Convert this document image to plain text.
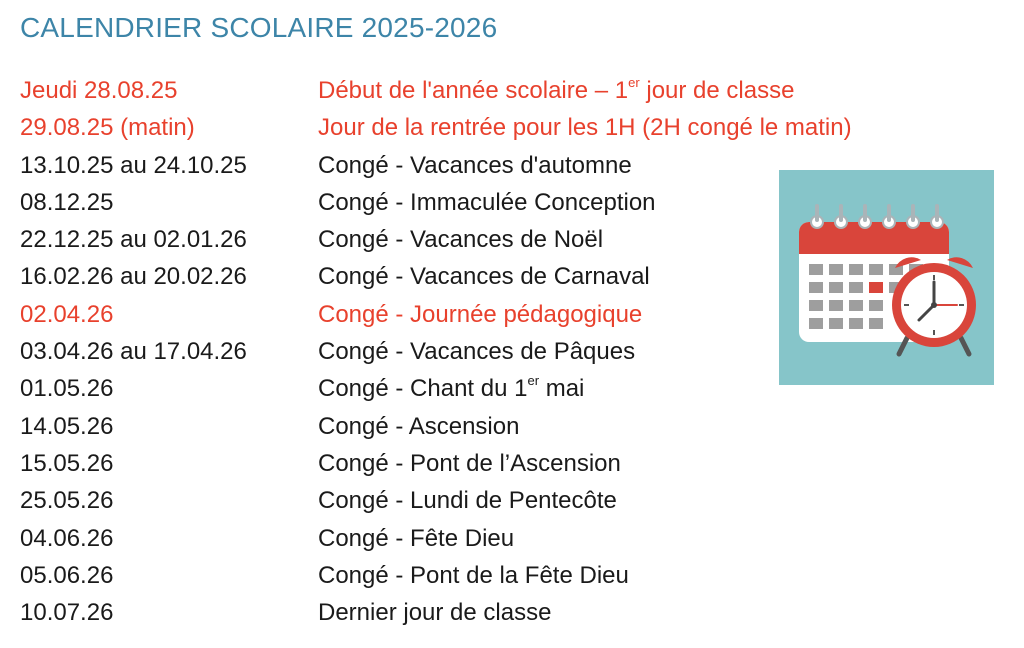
CALENDRIER SCOLAIRE 2025-2026
Jeudi 28.08.25	Début de l'année scolaire – 1er jour de classe
29.08.25 (matin)	Jour de la rentrée pour les 1H (2H congé le matin)
13.10.25 au 24.10.25	Congé - Vacances d'automne
08.12.25	Congé - Immaculée Conception
22.12.25 au 02.01.26	Congé - Vacances de Noël
16.02.26 au 20.02.26	Congé - Vacances de Carnaval
02.04.26	Congé - Journée pédagogique
03.04.26 au 17.04.26	Congé - Vacances de Pâques
01.05.26	Congé - Chant du 1er mai
14.05.26	Congé - Ascension
15.05.26	Congé - Pont de l’Ascension
25.05.26	Congé - Lundi de Pentecôte
04.06.26	Congé - Fête Dieu
05.06.26	Congé - Pont de la Fête Dieu
10.07.26	Dernier jour de classe
